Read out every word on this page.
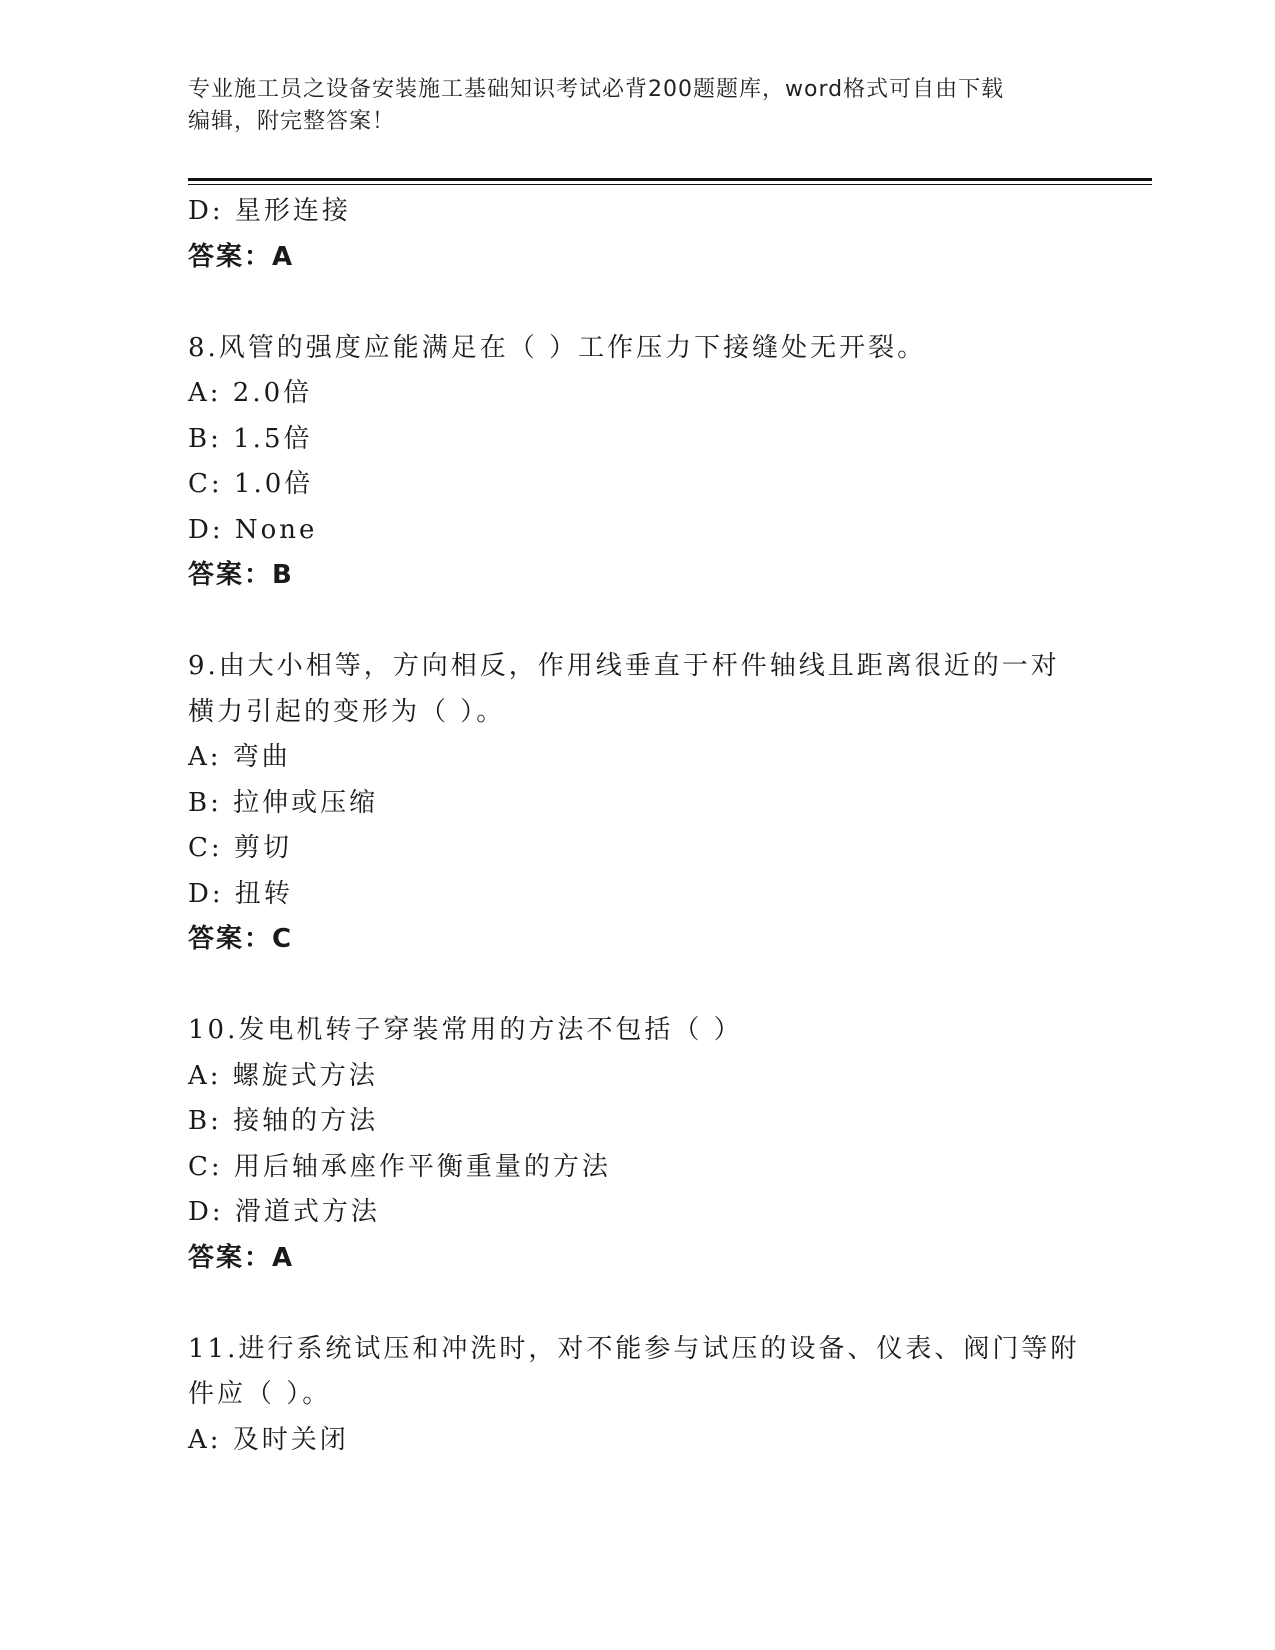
专业施工员之设备安装施工基础知识考试必背200题题库，word格式可自由下载
编辑，附完整答案！
D: 星形连接
答案：A
8.风管的强度应能满足在（ ）工作压力下接缝处无开裂。
A: 2.0倍
B: 1.5倍
C: 1.0倍
D: None
答案：B
9.由大小相等，方向相反，作用线垂直于杆件轴线且距离很近的一对
横力引起的变形为（ ）。
A: 弯曲
B: 拉伸或压缩
C: 剪切
D: 扭转
答案：C
10.发电机转子穿装常用的方法不包括（ ）
A: 螺旋式方法
B: 接轴的方法
C: 用后轴承座作平衡重量的方法
D: 滑道式方法
答案：A
11.进行系统试压和冲洗时，对不能参与试压的设备、仪表、阀门等附
件应（ ）。
A: 及时关闭
